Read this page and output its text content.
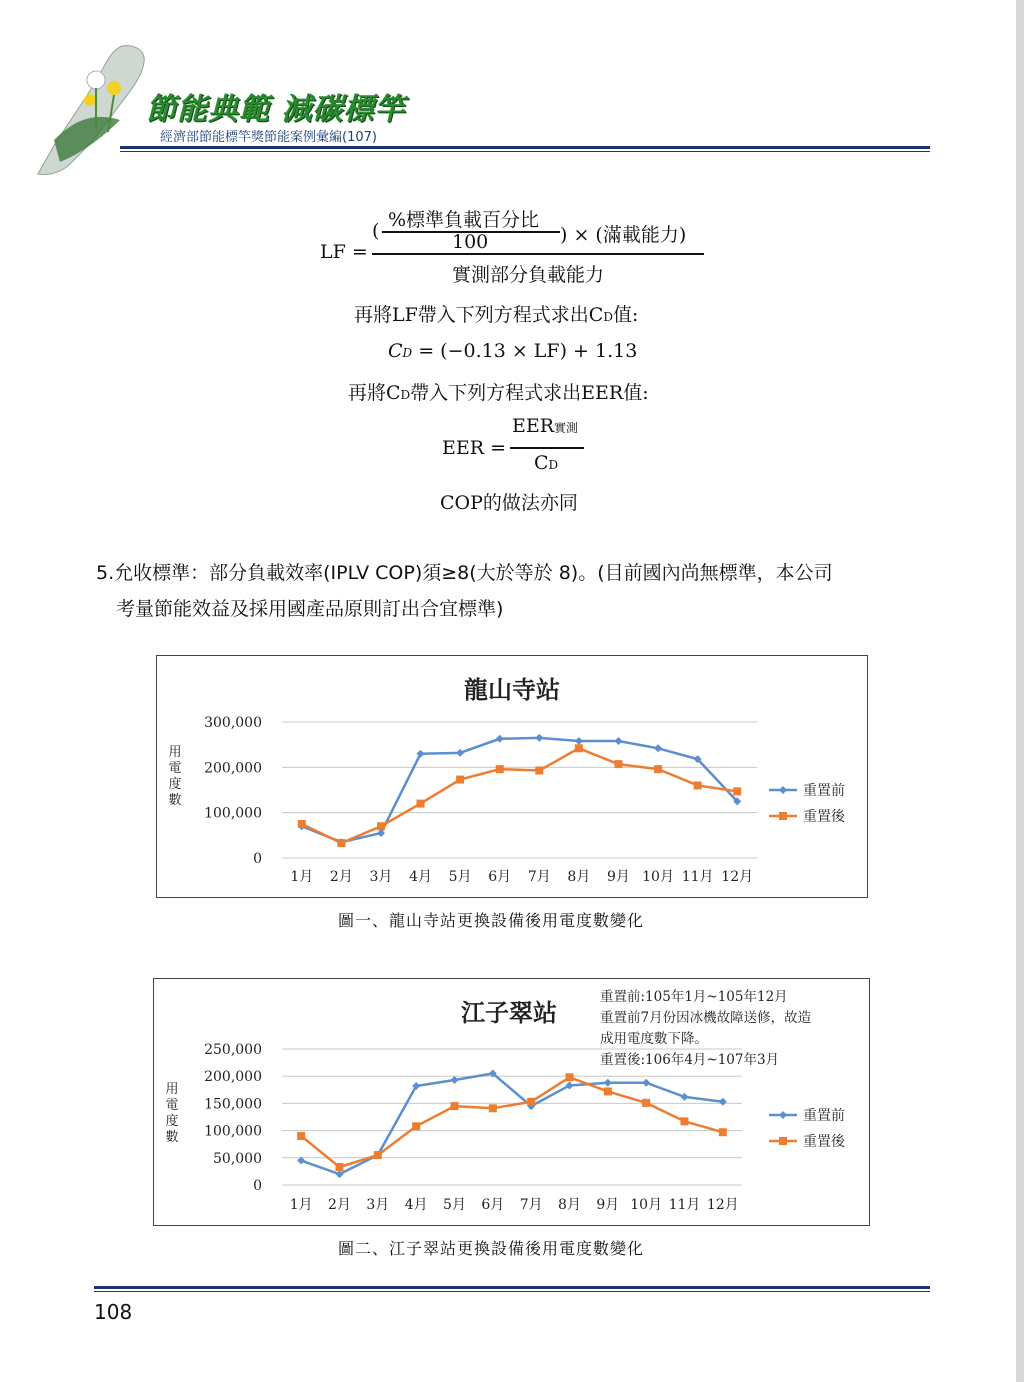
節能典範 減碳標竿
經濟部節能標竿獎節能案例彙編(107)
LF =
( %標準負載百分比
100	) × (滿載能力)
實測部分負載能力
再將LF帶入下列方程式求出CD值:
CD = (−0.13 × LF) + 1.13
再將CD帶入下列方程式求出EER值:
EER =
EER實測
CD
COP的做法亦同
5.允收標準：部分負載效率(IPLV COP)須≥8(大於等於 8)。(目前國內尚無標準，本公司
考量節能效益及採用國產品原則訂出合宜標準)
龍山寺站
0
100,000
200,000
300,000
用
電
度
數
1月 2月 3月 4月 5月 6月 7月 8月 9月 10月 11月 12月
重置前
重置後
圖一、龍山寺站更換設備後用電度數變化
江子翠站
0
50,000
100,000
150,000
200,000
250,000
用
電
度
數
1月 2月 3月 4月 5月 6月 7月 8月 9月 10月 11月 12月
重置前
重置後
重置前:105年1月~105年12月
重置前7月份因冰機故障送修，故造
成用電度數下降。
重置後:106年4月~107年3月
圖二、江子翠站更換設備後用電度數變化
108
